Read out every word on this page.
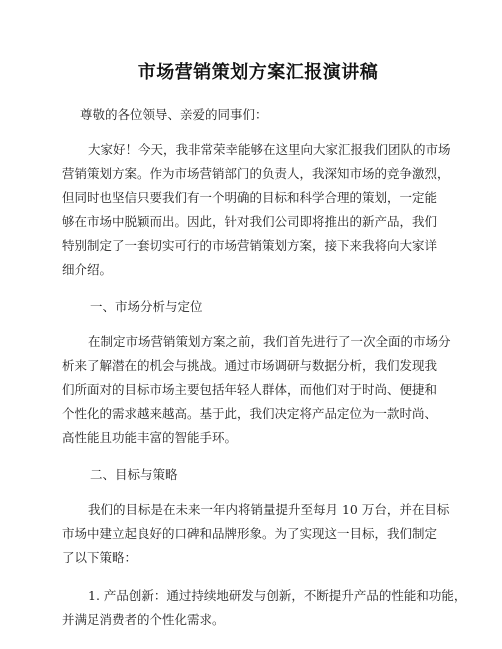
市场营销策划方案汇报演讲稿

尊敬的各位领导、亲爱的同事们：

大家好！今天，我非常荣幸能够在这里向大家汇报我们团队的市场
营销策划方案。作为市场营销部门的负责人，我深知市场的竞争激烈，
但同时也坚信只要我们有一个明确的目标和科学合理的策划，一定能
够在市场中脱颖而出。因此，针对我们公司即将推出的新产品，我们
特别制定了一套切实可行的市场营销策划方案，接下来我将向大家详
细介绍。

一、市场分析与定位

在制定市场营销策划方案之前，我们首先进行了一次全面的市场分
析来了解潜在的机会与挑战。通过市场调研与数据分析，我们发现我
们所面对的目标市场主要包括年轻人群体，而他们对于时尚、便捷和
个性化的需求越来越高。基于此，我们决定将产品定位为一款时尚、
高性能且功能丰富的智能手环。

二、目标与策略

我们的目标是在未来一年内将销量提升至每月 10 万台，并在目标
市场中建立起良好的口碑和品牌形象。为了实现这一目标，我们制定
了以下策略：

1. 产品创新：通过持续地研发与创新，不断提升产品的性能和功能，
并满足消费者的个性化需求。
